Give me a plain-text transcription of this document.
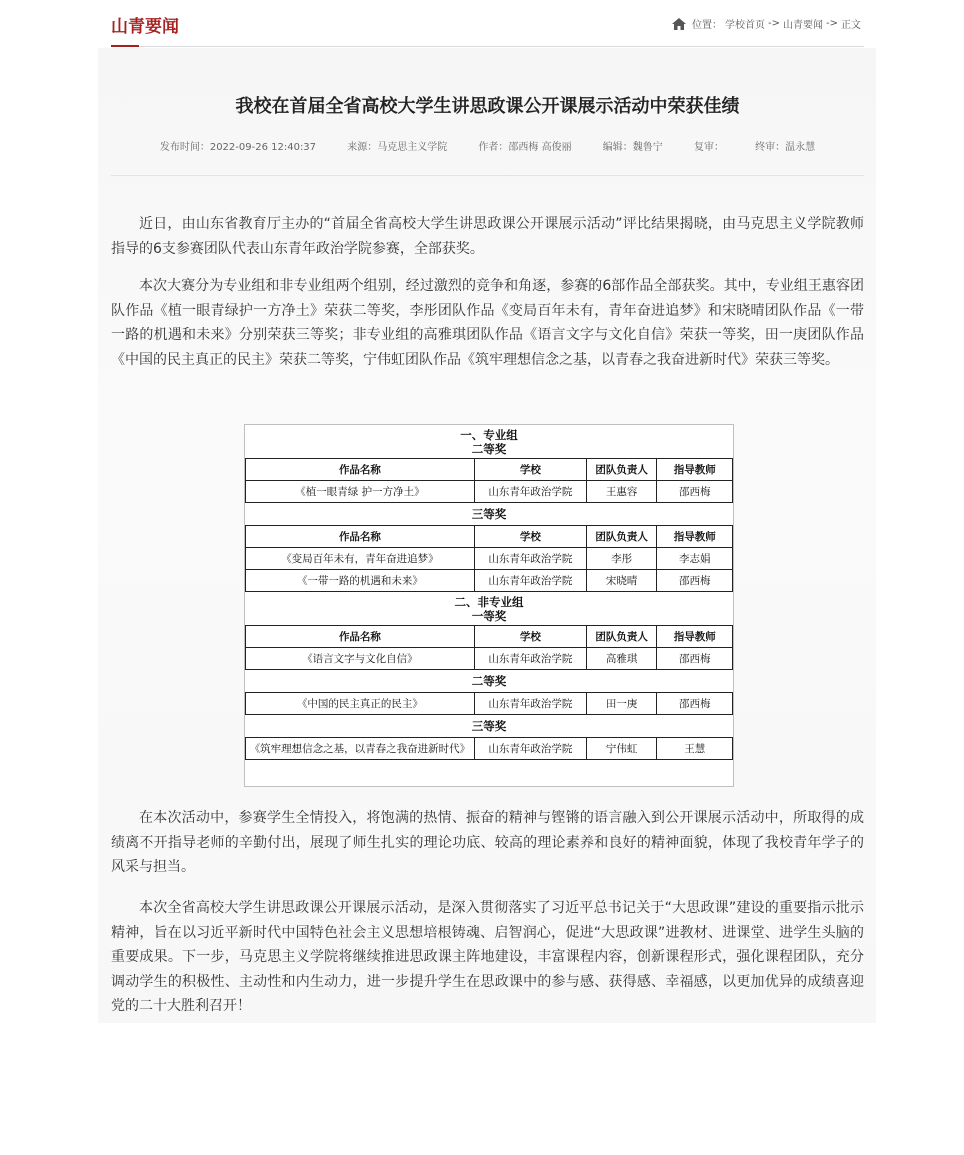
山青要闻	位置： 学校首页 -> 山青要闻 -> 正文
我校在首届全省高校大学生讲思政课公开课展示活动中荣获佳绩
发布时间：2022-09-26 12:40:37	来源：马克思主义学院	作者：邵西梅 高俊丽	编辑：魏鲁宁	复审：	终审：温永慧

近日，由山东省教育厅主办的“首届全省高校大学生讲思政课公开课展示活动”评比结果揭晓，由马克思主义学院教师指导的6支参赛团队代表山东青年政治学院参赛，全部获奖。

本次大赛分为专业组和非专业组两个组别，经过激烈的竞争和角逐，参赛的6部作品全部获奖。其中，专业组王惠容团队作品《植一眼青绿护一方净土》荣获二等奖，李彤团队作品《变局百年未有，青年奋进追梦》和宋晓晴团队作品《一带一路的机遇和未来》分别荣获三等奖；非专业组的高雅琪团队作品《语言文字与文化自信》荣获一等奖，田一庚团队作品《中国的民主真正的民主》荣获二等奖，宁伟虹团队作品《筑牢理想信念之基，以青春之我奋进新时代》荣获三等奖。

一、专业组
二等奖
作品名称	学校	团队负责人	指导教师
《植一眼青绿 护一方净土》	山东青年政治学院	王惠容	邵西梅
三等奖
作品名称	学校	团队负责人	指导教师
《变局百年未有，青年奋进追梦》	山东青年政治学院	李彤	李志娟
《一带一路的机遇和未来》	山东青年政治学院	宋晓晴	邵西梅
二、非专业组
一等奖
作品名称	学校	团队负责人	指导教师
《语言文字与文化自信》	山东青年政治学院	高雅琪	邵西梅
二等奖
《中国的民主真正的民主》	山东青年政治学院	田一庚	邵西梅
三等奖
《筑牢理想信念之基，以青春之我奋进新时代》	山东青年政治学院	宁伟虹	王慧

在本次活动中，参赛学生全情投入，将饱满的热情、振奋的精神与铿锵的语言融入到公开课展示活动中，所取得的成绩离不开指导老师的辛勤付出，展现了师生扎实的理论功底、较高的理论素养和良好的精神面貌，体现了我校青年学子的风采与担当。

本次全省高校大学生讲思政课公开课展示活动，是深入贯彻落实了习近平总书记关于“大思政课”建设的重要指示批示精神，旨在以习近平新时代中国特色社会主义思想培根铸魂、启智润心，促进“大思政课”进教材、进课堂、进学生头脑的重要成果。下一步，马克思主义学院将继续推进思政课主阵地建设，丰富课程内容，创新课程形式，强化课程团队，充分调动学生的积极性、主动性和内生动力，进一步提升学生在思政课中的参与感、获得感、幸福感，以更加优异的成绩喜迎党的二十大胜利召开！
